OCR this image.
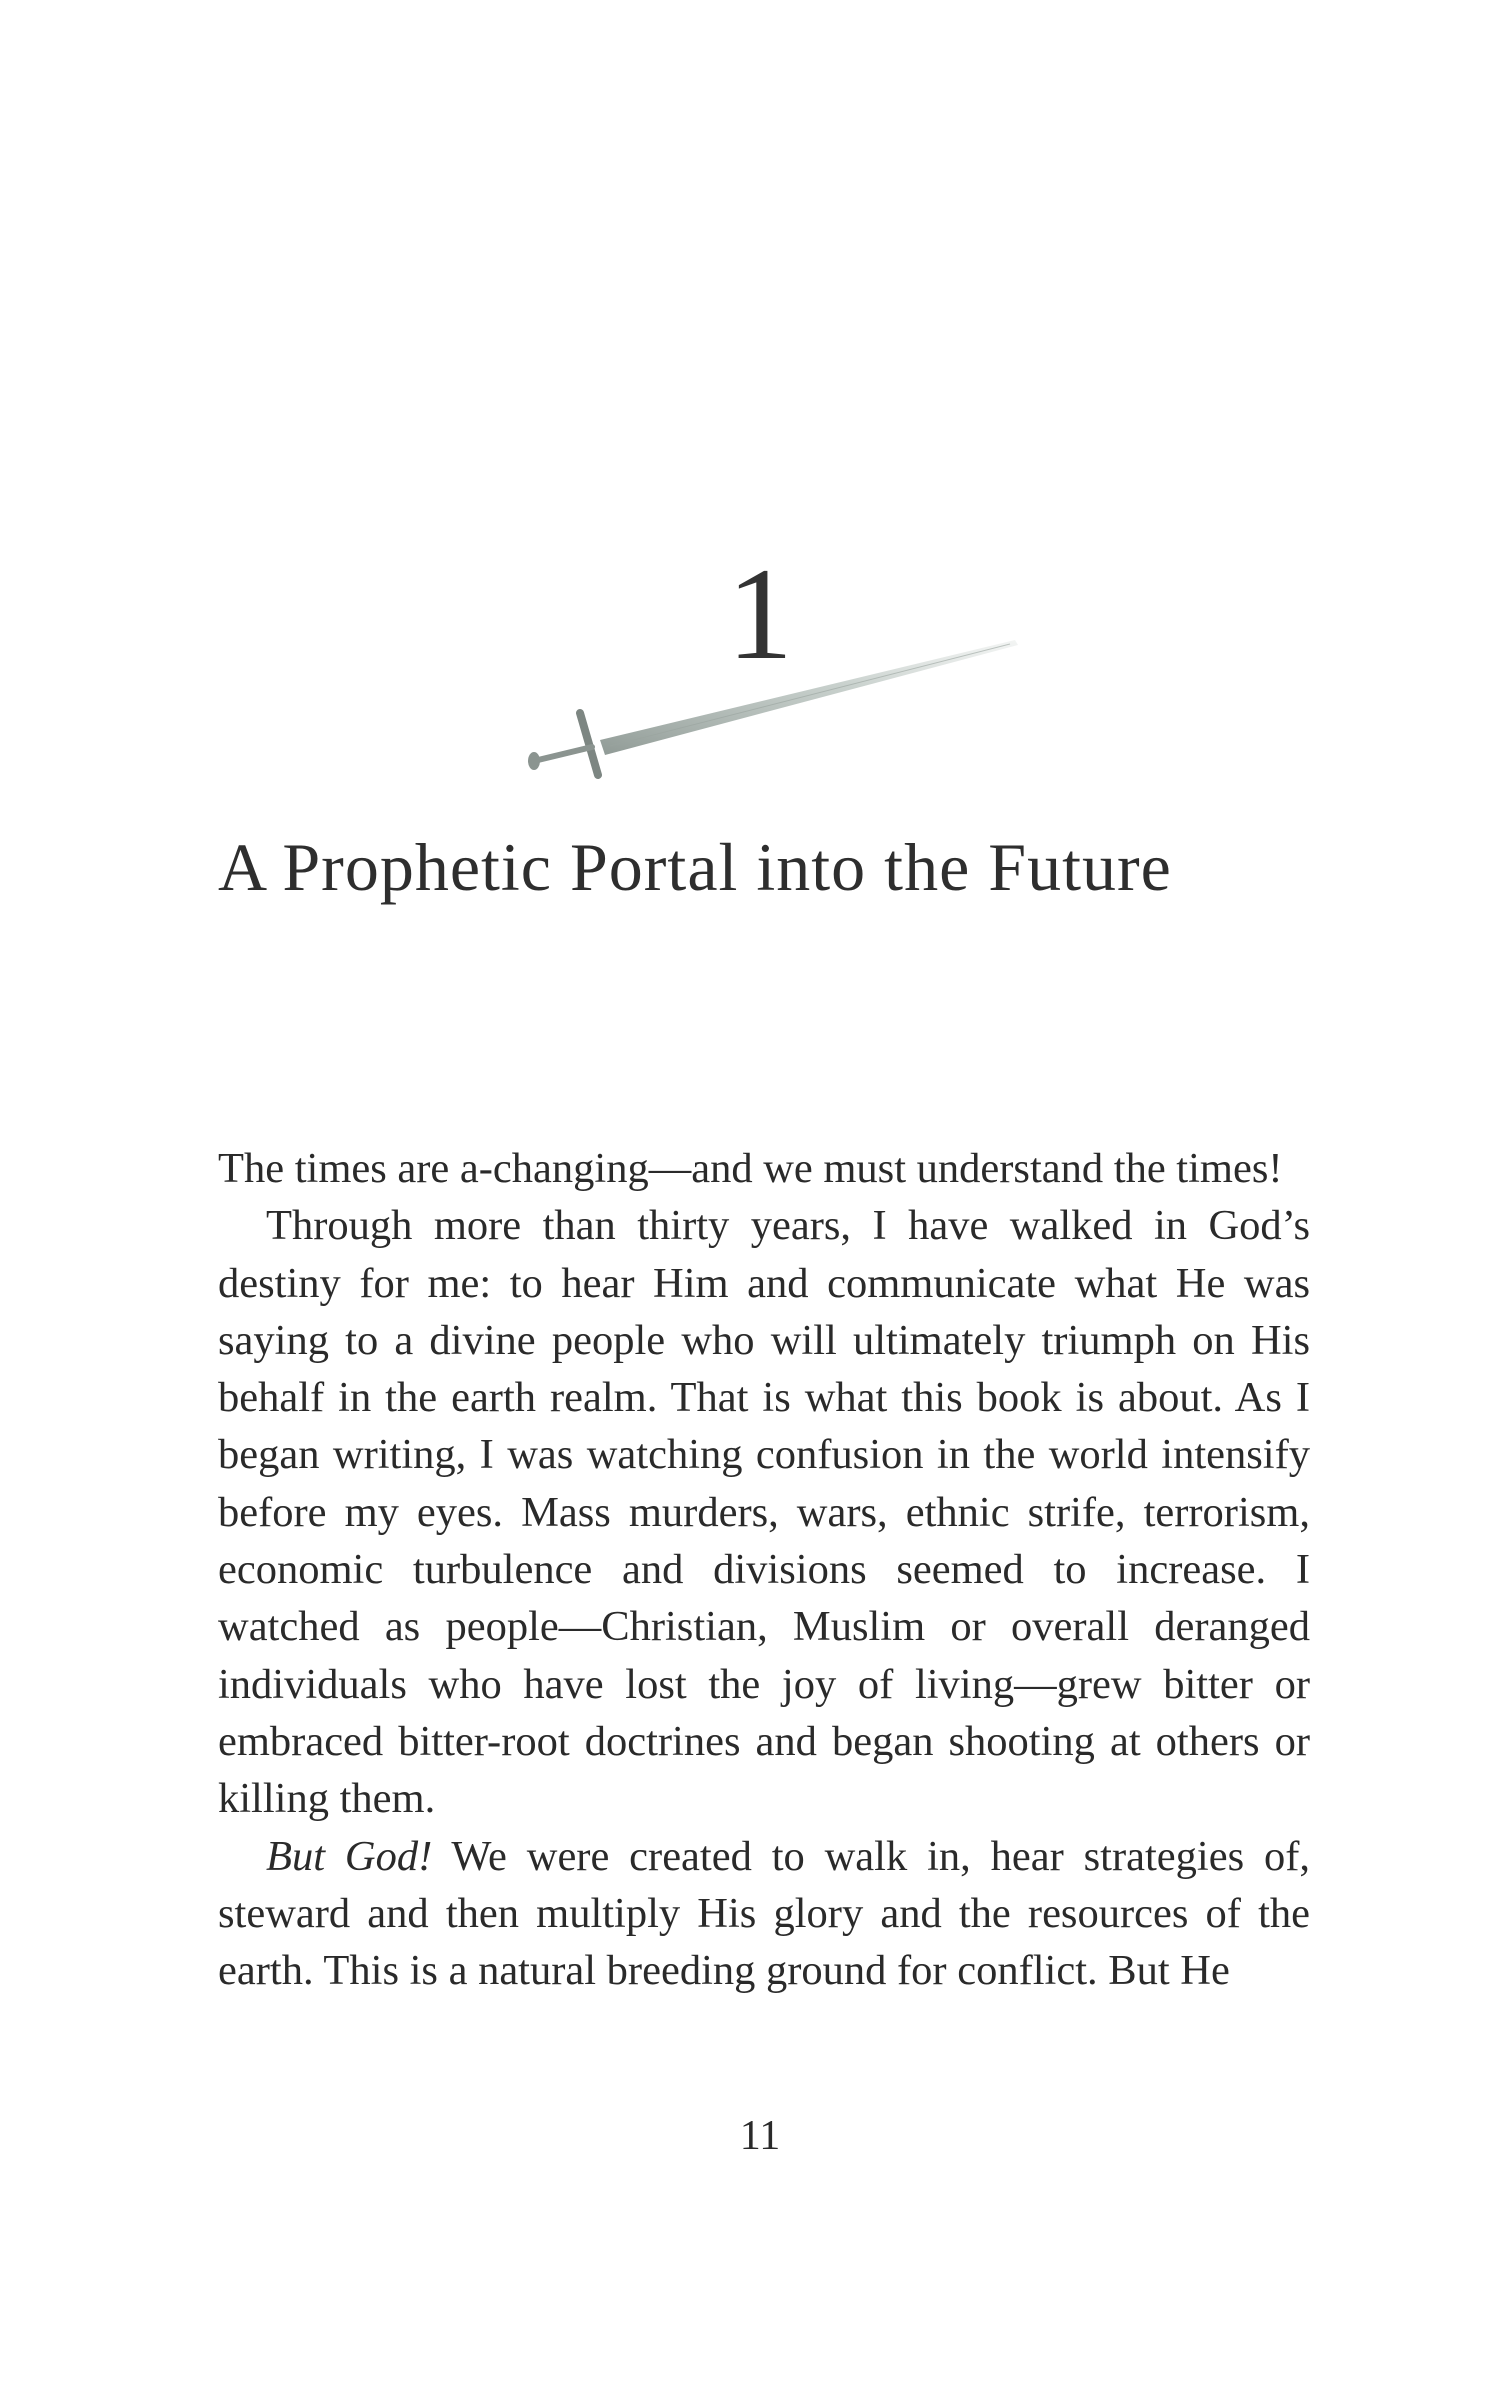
1
A Prophetic Portal into the Future

The times are a-changing—and we must understand the times!

Through more than thirty years, I have walked in God’s destiny for me: to hear Him and communicate what He was saying to a divine people who will ultimately triumph on His behalf in the earth realm. That is what this book is about. As I began writing, I was watching confusion in the world intensify before my eyes. Mass murders, wars, ethnic strife, terrorism, economic turbulence and divisions seemed to increase. I watched as people—Christian, Muslim or overall deranged individuals who have lost the joy of living—grew bitter or embraced bitter-root doctrines and began shooting at others or killing them.

But God! We were created to walk in, hear strategies of, steward and then multiply His glory and the resources of the earth. This is a natural breeding ground for conflict. But He

11
